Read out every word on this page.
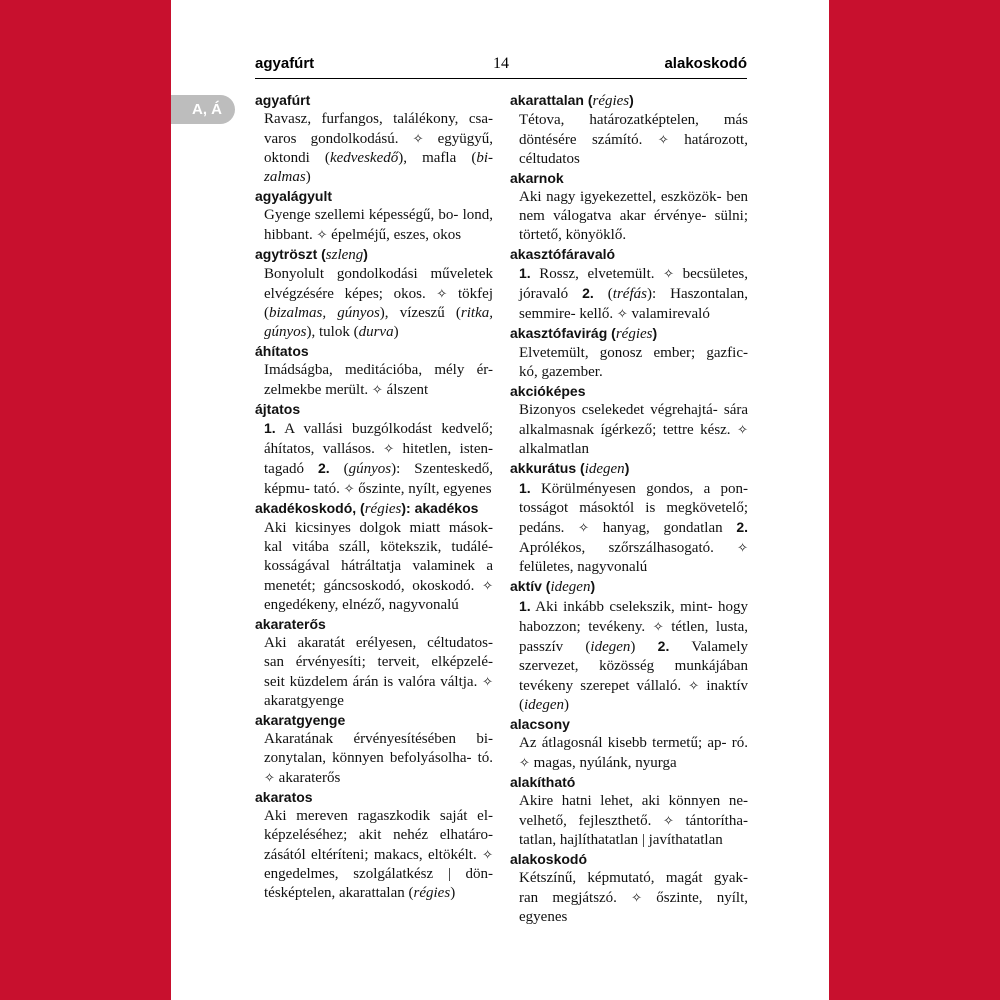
agyafúrt	14	alakoskodó
A, Á
agyafúrt
Ravasz, furfangos, találékony, csa- varos gondolkodású. ✧ együgyű, oktondi (kedveskedő), mafla (bi- zalmas)
agyalágyult
Gyenge szellemi képességű, bo- lond, hibbant. ✧ épelméjű, eszes, okos
agytröszt (szleng)
Bonyolult gondolkodási műveletek elvégzésére képes; okos. ✧ tökfej (bizalmas, gúnyos), vízeszű (ritka, gúnyos), tulok (durva)
áhítatos
Imádságba, meditációba, mély ér- zelmekbe merült. ✧ álszent
ájtatos
1. A vallási buzgólkodást kedvelő; áhítatos, vallásos. ✧ hitetlen, isten- tagadó 2. (gúnyos): Szenteskedő, képmu- tató. ✧ őszinte, nyílt, egyenes
akadékoskodó, (régies): akadékos
Aki kicsinyes dolgok miatt mások- kal vitába száll, kötekszik, tudálé- kosságával hátráltatja valaminek a menetét; gáncsoskodó, okoskodó. ✧ engedékeny, elnéző, nagyvonalú
akaraterős
Aki akaratát erélyesen, céltudatos- san érvényesíti; terveit, elképzelé- seit küzdelem árán is valóra váltja. ✧ akaratgyenge
akaratgyenge
Akaratának érvényesítésében bi- zonytalan, könnyen befolyásolha- tó. ✧ akaraterős
akaratos
Aki mereven ragaszkodik saját el- képzeléséhez; akit nehéz elhatáro- zásától eltéríteni; makacs, eltökélt. ✧ engedelmes, szolgálatkész | dön- tésképtelen, akarattalan (régies)
akarattalan (régies)
Tétova, határozatképtelen, más döntésére számító. ✧ határozott, céltudatos
akarnok
Aki nagy igyekezettel, eszközök- ben nem válogatva akar érvénye- sülni; törtető, könyöklő.
akasztófáravaló
1. Rossz, elvetemült. ✧ becsületes, jóravaló 2. (tréfás): Haszontalan, semmire- kellő. ✧ valamirevaló
akasztófavirág (régies)
Elvetemült, gonosz ember; gazfic- kó, gazember.
akcióképes
Bizonyos cselekedet végrehajtá- sára alkalmasnak ígérkező; tettre kész. ✧ alkalmatlan
akkurátus (idegen)
1. Körülményesen gondos, a pon- tosságot másoktól is megkövetelő; pedáns. ✧ hanyag, gondatlan 2. Aprólékos, szőrszálhasogató. ✧ felületes, nagyvonalú
aktív (idegen)
1. Aki inkább cselekszik, mint- hogy habozzon; tevékeny. ✧ tétlen, lusta, passzív (idegen) 2. Valamely szervezet, közösség munkájában tevékeny szerepet vállaló. ✧ inaktív (idegen)
alacsony
Az átlagosnál kisebb termetű; ap- ró. ✧ magas, nyúlánk, nyurga
alakítható
Akire hatni lehet, aki könnyen ne- velhető, fejleszthető. ✧ tántoríthа- tatlan, hajlíthatatlan | javíthatatlan
alakoskodó
Kétszínű, képmutató, magát gyak- ran megjátszó. ✧ őszinte, nyílt, egyenes
